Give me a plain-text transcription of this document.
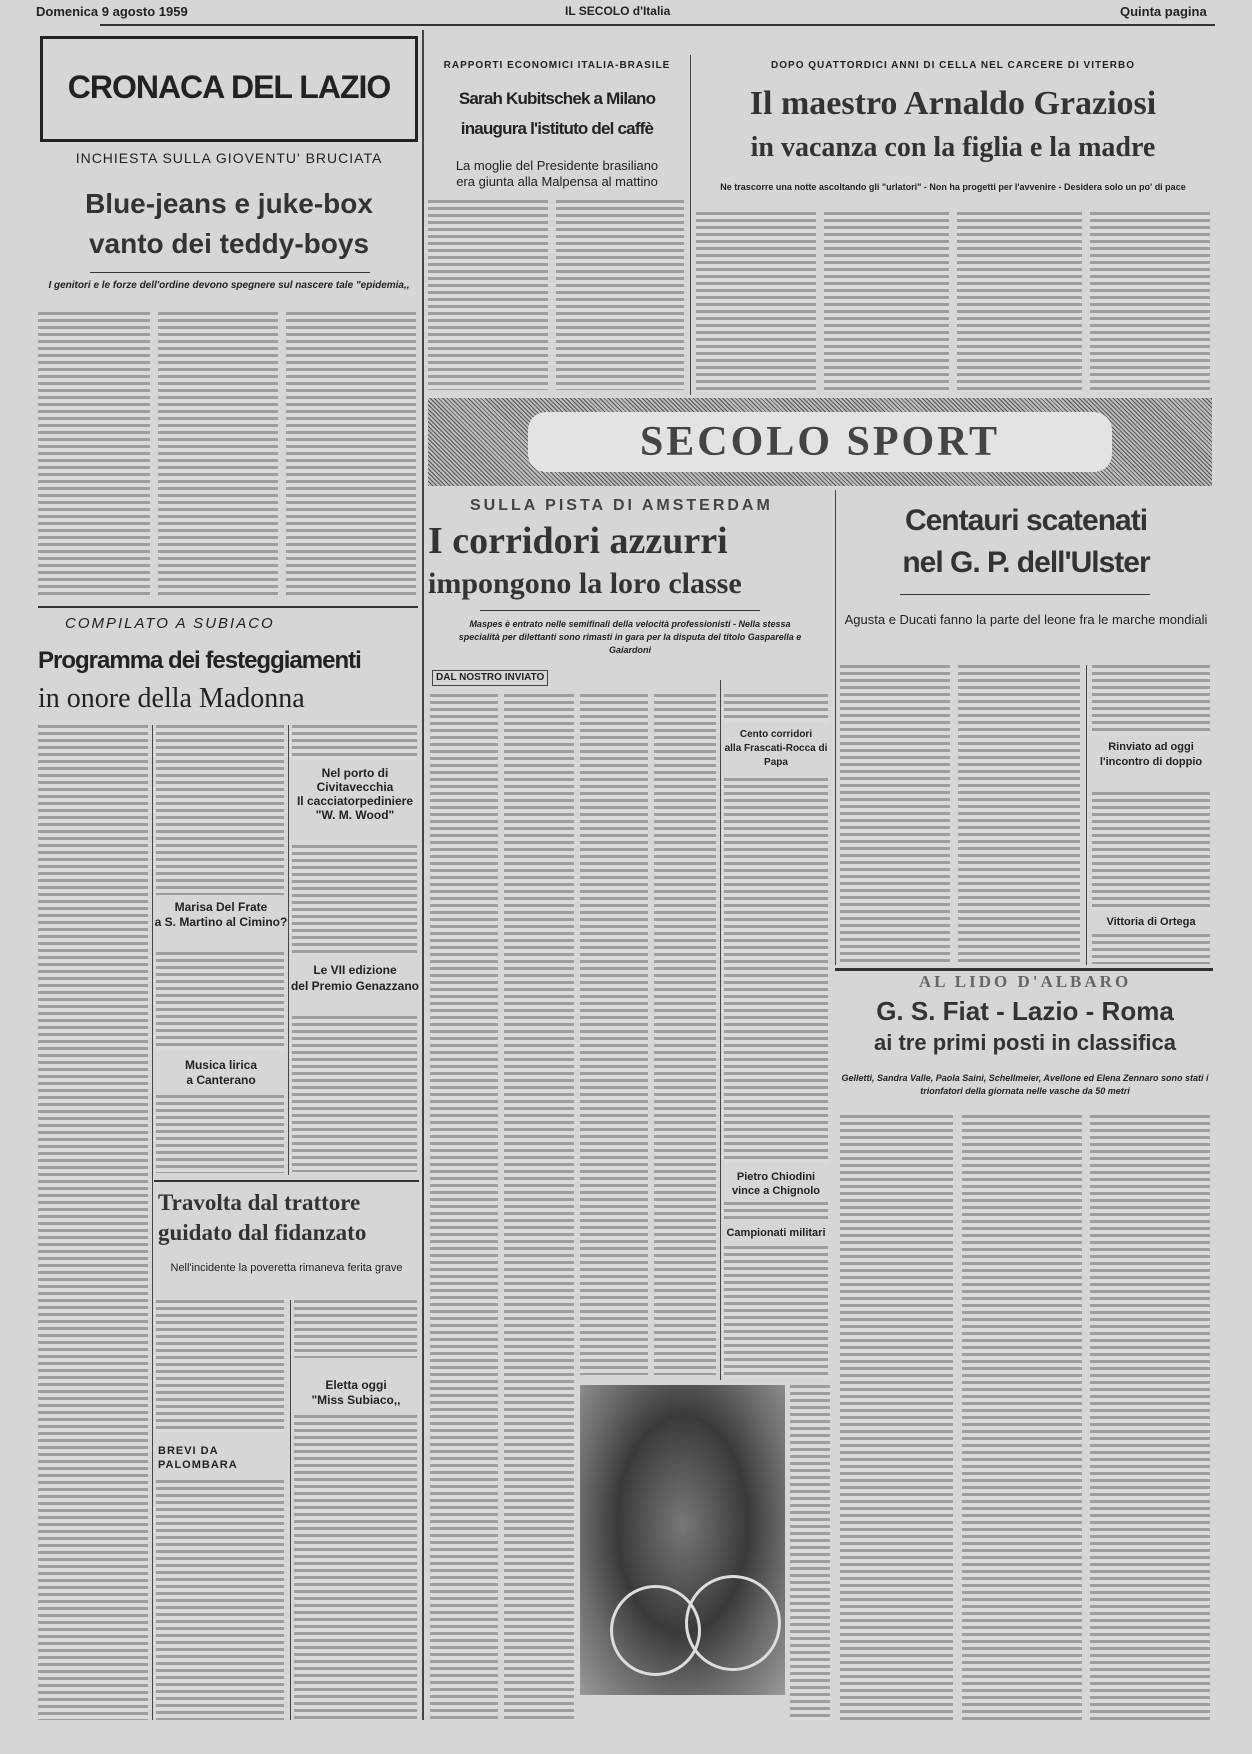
Domenica 9 agosto 1959	IL SECOLO d'Italia	Quinta pagina
CRONACA DEL LAZIO
INCHIESTA SULLA GIOVENTU' BRUCIATA
Blue-jeans e juke-box
vanto dei teddy-boys
I genitori e le forze dell'ordine devono spegnere sul nascere tale "epidemia,,
COMPILATO A SUBIACO
Programma dei festeggiamenti
in onore della Madonna
Nel porto di Civitavecchia
Il cacciatorpediniere
"W. M. Wood"
Le VII edizione
del Premio Genazzano
Marisa Del Frate
a S. Martino al Cimino?
Musica lirica
a Canterano
Travolta dal trattore
guidato dal fidanzato
Nell'incidente la poveretta rimaneva ferita grave
Eletta oggi
"Miss Subiaco,,
BREVI DA PALOMBARA
RAPPORTI ECONOMICI ITALIA-BRASILE
Sarah Kubitschek a Milano
inaugura l'istituto del caffè
La moglie del Presidente brasiliano
era giunta alla Malpensa al mattino
DOPO QUATTORDICI ANNI DI CELLA NEL CARCERE DI VITERBO
Il maestro Arnaldo Graziosi
in vacanza con la figlia e la madre
Ne trascorre una notte ascoltando gli "urlatori" - Non ha progetti per l'avvenire - Desidera solo un po' di pace
SECOLO SPORT
SULLA PISTA DI AMSTERDAM
I corridori azzurri
impongono la loro classe
Maspes è entrato nelle semifinali della velocità professionisti - Nella stessa specialità per dilettanti sono rimasti in gara per la disputa del titolo Gasparella e Gaiardoni
DAL NOSTRO INVIATO
Cento corridori
alla Frascati-Rocca di Papa
Pietro Chiodini
vince a Chignolo
Campionati militari
Centauri scatenati
nel G. P. dell'Ulster
Agusta e Ducati fanno la parte del leone fra le marche mondiali
Rinviato ad oggi
l'incontro di doppio
Vittoria di Ortega
AL LIDO D'ALBARO
G. S. Fiat - Lazio - Roma
ai tre primi posti in classifica
Gelletti, Sandra Valle, Paola Saini, Schellmeier, Avellone ed Elena Zennaro sono stati i trionfatori della giornata nelle vasche da 50 metri
